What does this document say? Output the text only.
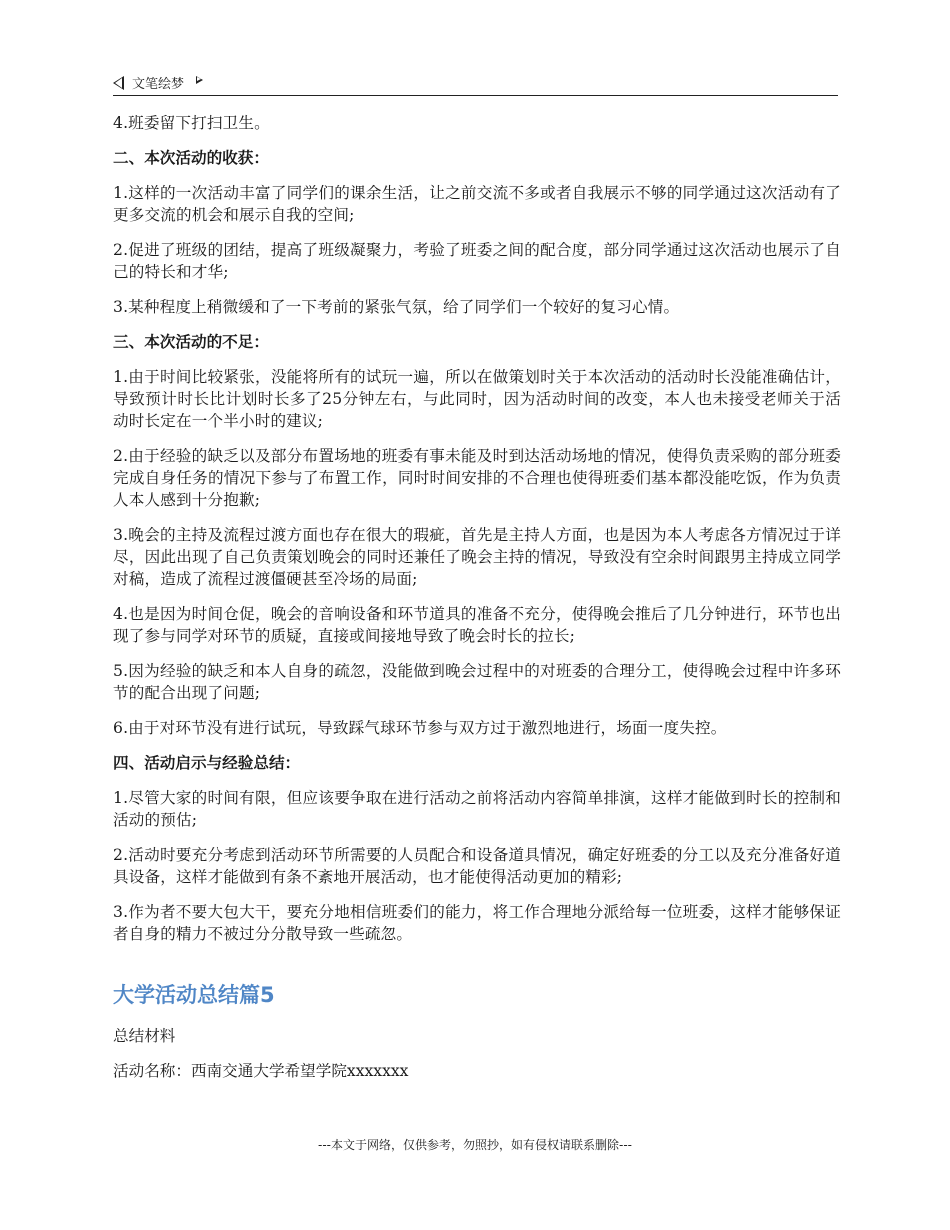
文笔绘梦

4.班委留下打扫卫生。

二、本次活动的收获：

1.这样的一次活动丰富了同学们的课余生活，让之前交流不多或者自我展示不够的同学通过这次活动有了更多交流的机会和展示自我的空间;

2.促进了班级的团结，提高了班级凝聚力，考验了班委之间的配合度，部分同学通过这次活动也展示了自己的特长和才华;

3.某种程度上稍微缓和了一下考前的紧张气氛，给了同学们一个较好的复习心情。

三、本次活动的不足：

1.由于时间比较紧张，没能将所有的试玩一遍，所以在做策划时关于本次活动的活动时长没能准确估计，导致预计时长比计划时长多了25分钟左右，与此同时，因为活动时间的改变，本人也未接受老师关于活动时长定在一个半小时的建议;

2.由于经验的缺乏以及部分布置场地的班委有事未能及时到达活动场地的情况，使得负责采购的部分班委完成自身任务的情况下参与了布置工作，同时时间安排的不合理也使得班委们基本都没能吃饭，作为负责人本人感到十分抱歉;

3.晚会的主持及流程过渡方面也存在很大的瑕疵，首先是主持人方面，也是因为本人考虑各方情况过于详尽，因此出现了自己负责策划晚会的同时还兼任了晚会主持的情况，导致没有空余时间跟男主持成立同学对稿，造成了流程过渡僵硬甚至冷场的局面;

4.也是因为时间仓促，晚会的音响设备和环节道具的准备不充分，使得晚会推后了几分钟进行，环节也出现了参与同学对环节的质疑，直接或间接地导致了晚会时长的拉长;

5.因为经验的缺乏和本人自身的疏忽，没能做到晚会过程中的对班委的合理分工，使得晚会过程中许多环节的配合出现了问题;

6.由于对环节没有进行试玩，导致踩气球环节参与双方过于激烈地进行，场面一度失控。

四、活动启示与经验总结：

1.尽管大家的时间有限，但应该要争取在进行活动之前将活动内容简单排演，这样才能做到时长的控制和活动的预估;

2.活动时要充分考虑到活动环节所需要的人员配合和设备道具情况，确定好班委的分工以及充分准备好道具设备，这样才能做到有条不紊地开展活动，也才能使得活动更加的精彩;

3.作为者不要大包大干，要充分地相信班委们的能力，将工作合理地分派给每一位班委，这样才能够保证者自身的精力不被过分分散导致一些疏忽。

大学活动总结篇5

总结材料

活动名称：西南交通大学希望学院xxxxxxx

---本文于网络，仅供参考，勿照抄，如有侵权请联系删除---
